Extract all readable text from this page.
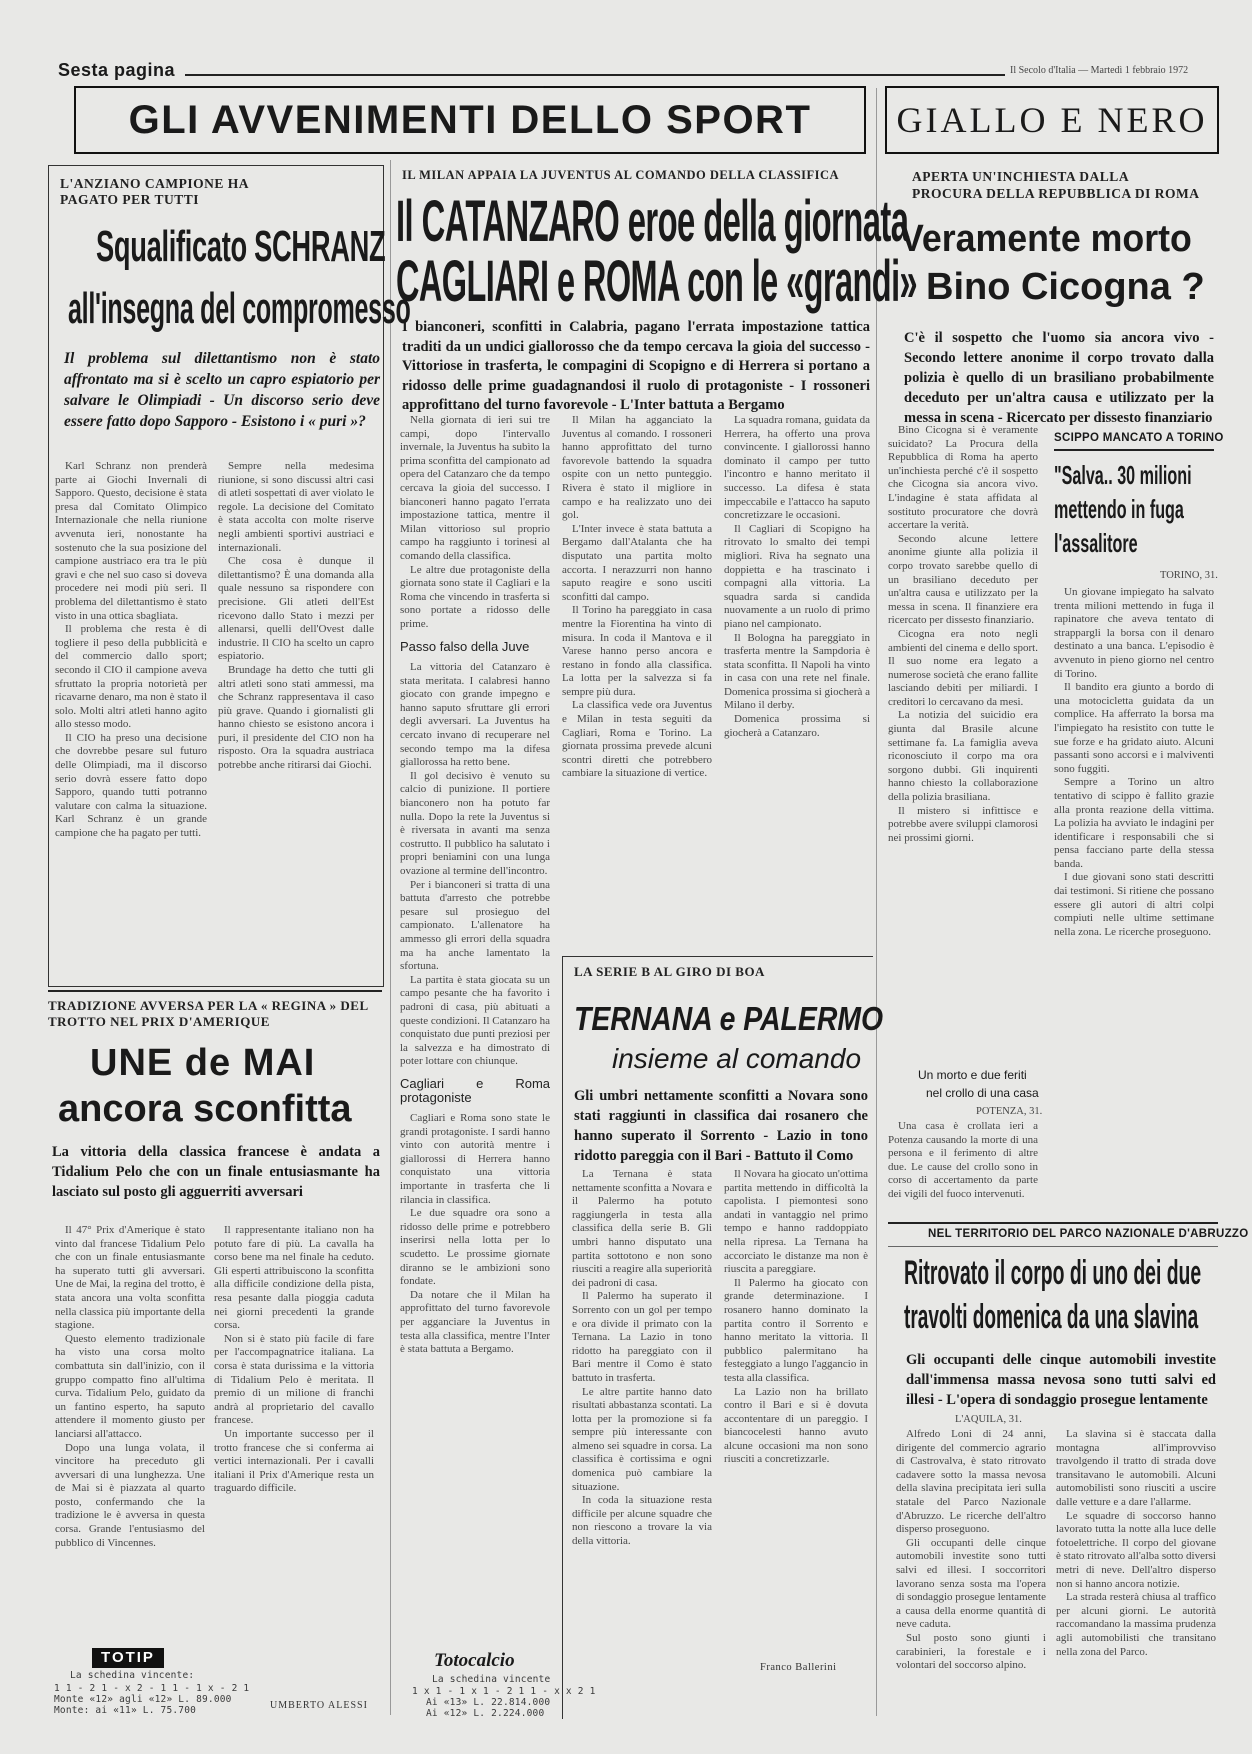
Sesta pagina	Il Secolo d'Italia — Martedì 1 febbraio 1972
GLI AVVENIMENTI DELLO SPORT GIALLO E NERO
L'ANZIANO CAMPIONE HA PAGATO PER TUTTI
Squalificato SCHRANZ
all'insegna del compromesso
Il problema sul dilettantismo non è stato affrontato ma si è scelto un capro espiatorio per salvare le Olimpiadi - Un discorso serio deve essere fatto dopo Sapporo - Esistono i « puri »?

Karl Schranz non prenderà parte ai Giochi Invernali di Sapporo. Questo, decisione è stata presa dal Comitato Olimpico Internazionale che nella riunione avvenuta ieri, nonostante ha sostenuto che la sua posizione del campione austriaco era tra le più gravi e che nel suo caso si doveva procedere nei modi più seri. Il problema del dilettantismo è stato visto in una ottica sbagliata.

Il problema che resta è di togliere il peso della pubblicità e del commercio dallo sport; secondo il CIO il campione aveva sfruttato la propria notorietà per ricavarne denaro, ma non è stato il solo. Molti altri atleti hanno agito allo stesso modo.

Il CIO ha preso una decisione che dovrebbe pesare sul futuro delle Olimpiadi, ma il discorso serio dovrà essere fatto dopo Sapporo, quando tutti potranno valutare con calma la situazione. Karl Schranz è un grande campione che ha pagato per tutti.

Sempre nella medesima riunione, si sono discussi altri casi di atleti sospettati di aver violato le regole. La decisione del Comitato è stata accolta con molte riserve negli ambienti sportivi austriaci e internazionali.

Che cosa è dunque il dilettantismo? È una domanda alla quale nessuno sa rispondere con precisione. Gli atleti dell'Est ricevono dallo Stato i mezzi per allenarsi, quelli dell'Ovest dalle industrie. Il CIO ha scelto un capro espiatorio.

Brundage ha detto che tutti gli altri atleti sono stati ammessi, ma che Schranz rappresentava il caso più grave. Quando i giornalisti gli hanno chiesto se esistono ancora i puri, il presidente del CIO non ha risposto. Ora la squadra austriaca potrebbe anche ritirarsi dai Giochi.

TRADIZIONE AVVERSA PER LA « REGINA » DEL TROTTO NEL PRIX D'AMERIQUE
UNE de MAI
ancora sconfitta
La vittoria della classica francese è andata a Tidalium Pelo che con un finale entusiasmante ha lasciato sul posto gli agguerriti avversari

Il 47° Prix d'Amerique è stato vinto dal francese Tidalium Pelo che con un finale entusiasmante ha superato tutti gli avversari. Une de Mai, la regina del trotto, è stata ancora una volta sconfitta nella classica più importante della stagione.

Questo elemento tradizionale ha visto una corsa molto combattuta sin dall'inizio, con il gruppo compatto fino all'ultima curva. Tidalium Pelo, guidato da un fantino esperto, ha saputo attendere il momento giusto per lanciarsi all'attacco.

Dopo una lunga volata, il vincitore ha preceduto gli avversari di una lunghezza. Une de Mai si è piazzata al quarto posto, confermando che la tradizione le è avversa in questa corsa. Grande l'entusiasmo del pubblico di Vincennes.

Il rappresentante italiano non ha potuto fare di più. La cavalla ha corso bene ma nel finale ha ceduto. Gli esperti attribuiscono la sconfitta alla difficile condizione della pista, resa pesante dalla pioggia caduta nei giorni precedenti la grande corsa.

Non si è stato più facile di fare per l'accompagnatrice italiana. La corsa è stata durissima e la vittoria di Tidalium Pelo è meritata. Il premio di un milione di franchi andrà al proprietario del cavallo francese.

Un importante successo per il trotto francese che si conferma ai vertici internazionali. Per i cavalli italiani il Prix d'Amerique resta un traguardo difficile.

TOTIP
La schedina vincente:
1 1 - 2 1 - x 2 - 1 1 - 1 x - 2 1
Monte «12» agli «12» L. 89.000
Monte: ai «11» L. 75.700	UMBERTO ALESSI
IL MILAN APPAIA LA JUVENTUS AL COMANDO DELLA CLASSIFICA
Il CATANZARO eroe della giornata
CAGLIARI e ROMA con le «grandi»
I bianconeri, sconfitti in Calabria, pagano l'errata impostazione tattica traditi da un undici giallorosso che da tempo cercava la gioia del successo - Vittoriose in trasferta, le compagini di Scopigno e di Herrera si portano a ridosso delle prime guadagnandosi il ruolo di protagoniste - I rossoneri approfittano del turno favorevole - L'Inter battuta a Bergamo

Nella giornata di ieri sui tre campi, dopo l'intervallo invernale, la Juventus ha subìto la prima sconfitta del campionato ad opera del Catanzaro che da tempo cercava la gioia del successo. I bianconeri hanno pagato l'errata impostazione tattica, mentre il Milan vittorioso sul proprio campo ha raggiunto i torinesi al comando della classifica.

Le altre due protagoniste della giornata sono state il Cagliari e la Roma che vincendo in trasferta si sono portate a ridosso delle prime.

Passo falso della Juve

La vittoria del Catanzaro è stata meritata. I calabresi hanno giocato con grande impegno e hanno saputo sfruttare gli errori degli avversari. La Juventus ha cercato invano di recuperare nel secondo tempo ma la difesa giallorossa ha retto bene.

Il gol decisivo è venuto su calcio di punizione. Il portiere bianconero non ha potuto far nulla. Dopo la rete la Juventus si è riversata in avanti ma senza costrutto. Il pubblico ha salutato i propri beniamini con una lunga ovazione al termine dell'incontro.

Per i bianconeri si tratta di una battuta d'arresto che potrebbe pesare sul prosieguo del campionato. L'allenatore ha ammesso gli errori della squadra ma ha anche lamentato la sfortuna.

La partita è stata giocata su un campo pesante che ha favorito i padroni di casa, più abituati a queste condizioni. Il Catanzaro ha conquistato due punti preziosi per la salvezza e ha dimostrato di poter lottare con chiunque.

Cagliari e Roma protagoniste

Cagliari e Roma sono state le grandi protagoniste. I sardi hanno vinto con autorità mentre i giallorossi di Herrera hanno conquistato una vittoria importante in trasferta che li rilancia in classifica.

Le due squadre ora sono a ridosso delle prime e potrebbero inserirsi nella lotta per lo scudetto. Le prossime giornate diranno se le ambizioni sono fondate.

Da notare che il Milan ha approfittato del turno favorevole per agganciare la Juventus in testa alla classifica, mentre l'Inter è stata battuta a Bergamo.

Il Milan ha agganciato la Juventus al comando. I rossoneri hanno approfittato del turno favorevole battendo la squadra ospite con un netto punteggio. Rivera è stato il migliore in campo e ha realizzato uno dei gol.

L'Inter invece è stata battuta a Bergamo dall'Atalanta che ha disputato una partita molto accorta. I nerazzurri non hanno saputo reagire e sono usciti sconfitti dal campo.

Il Torino ha pareggiato in casa mentre la Fiorentina ha vinto di misura. In coda il Mantova e il Varese hanno perso ancora e restano in fondo alla classifica. La lotta per la salvezza si fa sempre più dura.

La classifica vede ora Juventus e Milan in testa seguiti da Cagliari, Roma e Torino. La giornata prossima prevede alcuni scontri diretti che potrebbero cambiare la situazione di vertice.

La squadra romana, guidata da Herrera, ha offerto una prova convincente. I giallorossi hanno dominato il campo per tutto l'incontro e hanno meritato il successo. La difesa è stata impeccabile e l'attacco ha saputo concretizzare le occasioni.

Il Cagliari di Scopigno ha ritrovato lo smalto dei tempi migliori. Riva ha segnato una doppietta e ha trascinato i compagni alla vittoria. La squadra sarda si candida nuovamente a un ruolo di primo piano nel campionato.

Il Bologna ha pareggiato in trasferta mentre la Sampdoria è stata sconfitta. Il Napoli ha vinto in casa con una rete nel finale. Domenica prossima si giocherà a Milano il derby.

Domenica prossima si giocherà a Catanzaro.

LA SERIE B AL GIRO DI BOA
TERNANA e PALERMO
insieme al comando
Gli umbri nettamente sconfitti a Novara sono stati raggiunti in classifica dai rosanero che hanno superato il Sorrento - Lazio in tono ridotto pareggia con il Bari - Battuto il Como

La Ternana è stata nettamente sconfitta a Novara e il Palermo ha potuto raggiungerla in testa alla classifica della serie B. Gli umbri hanno disputato una partita sottotono e non sono riusciti a reagire alla superiorità dei padroni di casa.

Il Palermo ha superato il Sorrento con un gol per tempo e ora divide il primato con la Ternana. La Lazio in tono ridotto ha pareggiato con il Bari mentre il Como è stato battuto in trasferta.

Le altre partite hanno dato risultati abbastanza scontati. La lotta per la promozione si fa sempre più interessante con almeno sei squadre in corsa. La classifica è cortissima e ogni domenica può cambiare la situazione.

In coda la situazione resta difficile per alcune squadre che non riescono a trovare la via della vittoria.

Il Novara ha giocato un'ottima partita mettendo in difficoltà la capolista. I piemontesi sono andati in vantaggio nel primo tempo e hanno raddoppiato nella ripresa. La Ternana ha accorciato le distanze ma non è riuscita a pareggiare.

Il Palermo ha giocato con grande determinazione. I rosanero hanno dominato la partita contro il Sorrento e hanno meritato la vittoria. Il pubblico palermitano ha festeggiato a lungo l'aggancio in testa alla classifica.

La Lazio non ha brillato contro il Bari e si è dovuta accontentare di un pareggio. I biancocelesti hanno avuto alcune occasioni ma non sono riusciti a concretizzarle.

Franco Ballerini
Totocalcio
La schedina vincente
1 x 1 - 1 x 1 - 2 1 1 - x x 2 1
Ai «13» L. 22.814.000
Ai «12» L. 2.224.000
APERTA UN'INCHIESTA DALLA PROCURA DELLA REPUBBLICA DI ROMA
Veramente morto
Bino Cicogna ?
C'è il sospetto che l'uomo sia ancora vivo - Secondo lettere anonime il corpo trovato dalla polizia è quello di un brasiliano probabilmente deceduto per un'altra causa e utilizzato per la messa in scena - Ricercato per dissesto finanziario

Bino Cicogna si è veramente suicidato? La Procura della Repubblica di Roma ha aperto un'inchiesta perché c'è il sospetto che Cicogna sia ancora vivo. L'indagine è stata affidata al sostituto procuratore che dovrà accertare la verità.

Secondo alcune lettere anonime giunte alla polizia il corpo trovato sarebbe quello di un brasiliano deceduto per un'altra causa e utilizzato per la messa in scena. Il finanziere era ricercato per dissesto finanziario.

Cicogna era noto negli ambienti del cinema e dello sport. Il suo nome era legato a numerose società che erano fallite lasciando debiti per miliardi. I creditori lo cercavano da mesi.

La notizia del suicidio era giunta dal Brasile alcune settimane fa. La famiglia aveva riconosciuto il corpo ma ora sorgono dubbi. Gli inquirenti hanno chiesto la collaborazione della polizia brasiliana.

Il mistero si infittisce e potrebbe avere sviluppi clamorosi nei prossimi giorni.

SCIPPO MANCATO A TORINO
"Salva.. 30 milioni
mettendo in fuga
l'assalitore
TORINO, 31.

Un giovane impiegato ha salvato trenta milioni mettendo in fuga il rapinatore che aveva tentato di strappargli la borsa con il denaro destinato a una banca. L'episodio è avvenuto in pieno giorno nel centro di Torino.

Il bandito era giunto a bordo di una motocicletta guidata da un complice. Ha afferrato la borsa ma l'impiegato ha resistito con tutte le sue forze e ha gridato aiuto. Alcuni passanti sono accorsi e i malviventi sono fuggiti.

Sempre a Torino un altro tentativo di scippo è fallito grazie alla pronta reazione della vittima. La polizia ha avviato le indagini per identificare i responsabili che si pensa facciano parte della stessa banda.

I due giovani sono stati descritti dai testimoni. Si ritiene che possano essere gli autori di altri colpi compiuti nelle ultime settimane nella zona. Le ricerche proseguono.

Un morto e due feriti
nel crollo di una casa
POTENZA, 31.

Una casa è crollata ieri a Potenza causando la morte di una persona e il ferimento di altre due. Le cause del crollo sono in corso di accertamento da parte dei vigili del fuoco intervenuti.

NEL TERRITORIO DEL PARCO NAZIONALE D'ABRUZZO
Ritrovato il corpo di uno dei due
travolti domenica da una slavina
Gli occupanti delle cinque automobili investite dall'immensa massa nevosa sono tutti salvi ed illesi - L'opera di sondaggio prosegue lentamente
L'AQUILA, 31.

Alfredo Loni di 24 anni, dirigente del commercio agrario di Castrovalva, è stato ritrovato cadavere sotto la massa nevosa della slavina precipitata ieri sulla statale del Parco Nazionale d'Abruzzo. Le ricerche dell'altro disperso proseguono.

Gli occupanti delle cinque automobili investite sono tutti salvi ed illesi. I soccorritori lavorano senza sosta ma l'opera di sondaggio prosegue lentamente a causa della enorme quantità di neve caduta.

Sul posto sono giunti i carabinieri, la forestale e i volontari del soccorso alpino.

La slavina si è staccata dalla montagna all'improvviso travolgendo il tratto di strada dove transitavano le automobili. Alcuni automobilisti sono riusciti a uscire dalle vetture e a dare l'allarme.

Le squadre di soccorso hanno lavorato tutta la notte alla luce delle fotoelettriche. Il corpo del giovane è stato ritrovato all'alba sotto diversi metri di neve. Dell'altro disperso non si hanno ancora notizie.

La strada resterà chiusa al traffico per alcuni giorni. Le autorità raccomandano la massima prudenza agli automobilisti che transitano nella zona del Parco.
